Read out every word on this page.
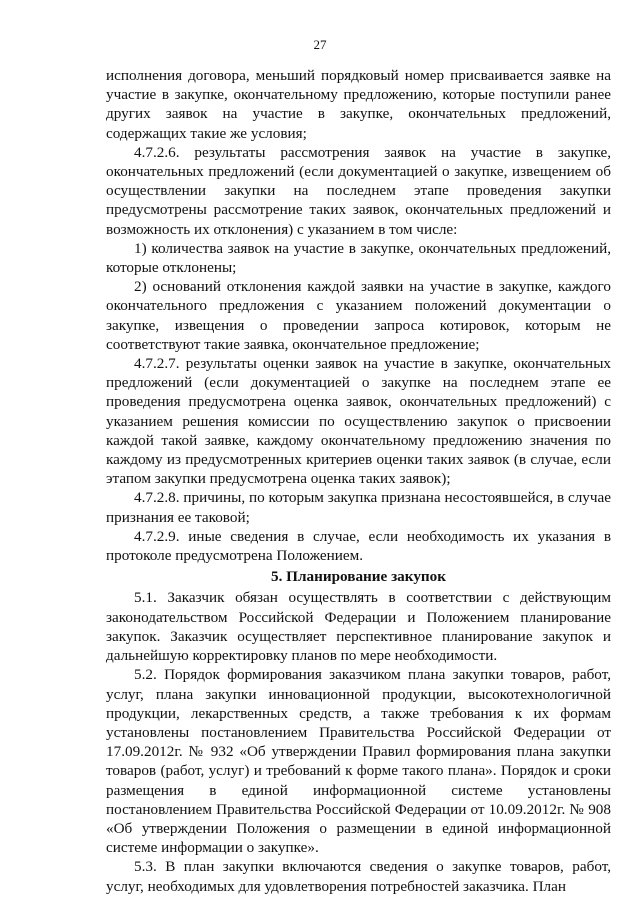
27

исполнения договора, меньший порядковый номер присваивается заявке на участие в закупке, окончательному предложению, которые поступили ранее других заявок на участие в закупке, окончательных предложений, содержащих такие же условия;

4.7.2.6. результаты рассмотрения заявок на участие в закупке, окончательных предложений (если документацией о закупке, извещением об осуществлении закупки на последнем этапе проведения закупки предусмотрены рассмотрение таких заявок, окончательных предложений и возможность их отклонения) с указанием в том числе:

1) количества заявок на участие в закупке, окончательных предложений, которые отклонены;

2) оснований отклонения каждой заявки на участие в закупке, каждого окончательного предложения с указанием положений документации о закупке, извещения о проведении запроса котировок, которым не соответствуют такие заявка, окончательное предложение;

4.7.2.7. результаты оценки заявок на участие в закупке, окончательных предложений (если документацией о закупке на последнем этапе ее проведения предусмотрена оценка заявок, окончательных предложений) с указанием решения комиссии по осуществлению закупок о присвоении каждой такой заявке, каждому окончательному предложению значения по каждому из предусмотренных критериев оценки таких заявок (в случае, если этапом закупки предусмотрена оценка таких заявок);

4.7.2.8. причины, по которым закупка признана несостоявшейся, в случае признания ее таковой;

4.7.2.9. иные сведения в случае, если необходимость их указания в протоколе предусмотрена Положением.

5. Планирование закупок

5.1. Заказчик обязан осуществлять в соответствии с действующим законодательством Российской Федерации и Положением планирование закупок. Заказчик осуществляет перспективное планирование закупок и дальнейшую корректировку планов по мере необходимости.

5.2. Порядок формирования заказчиком плана закупки товаров, работ, услуг, плана закупки инновационной продукции, высокотехнологичной продукции, лекарственных средств, а также требования к их формам установлены постановлением Правительства Российской Федерации от 17.09.2012г. № 932 «Об утверждении Правил формирования плана закупки товаров (работ, услуг) и требований к форме такого плана». Порядок и сроки размещения в единой информационной системе установлены постановлением Правительства Российской Федерации от 10.09.2012г. № 908 «Об утверждении Положения о размещении в единой информационной системе информации о закупке».

5.3. В план закупки включаются сведения о закупке товаров, работ, услуг, необходимых для удовлетворения потребностей заказчика. План
